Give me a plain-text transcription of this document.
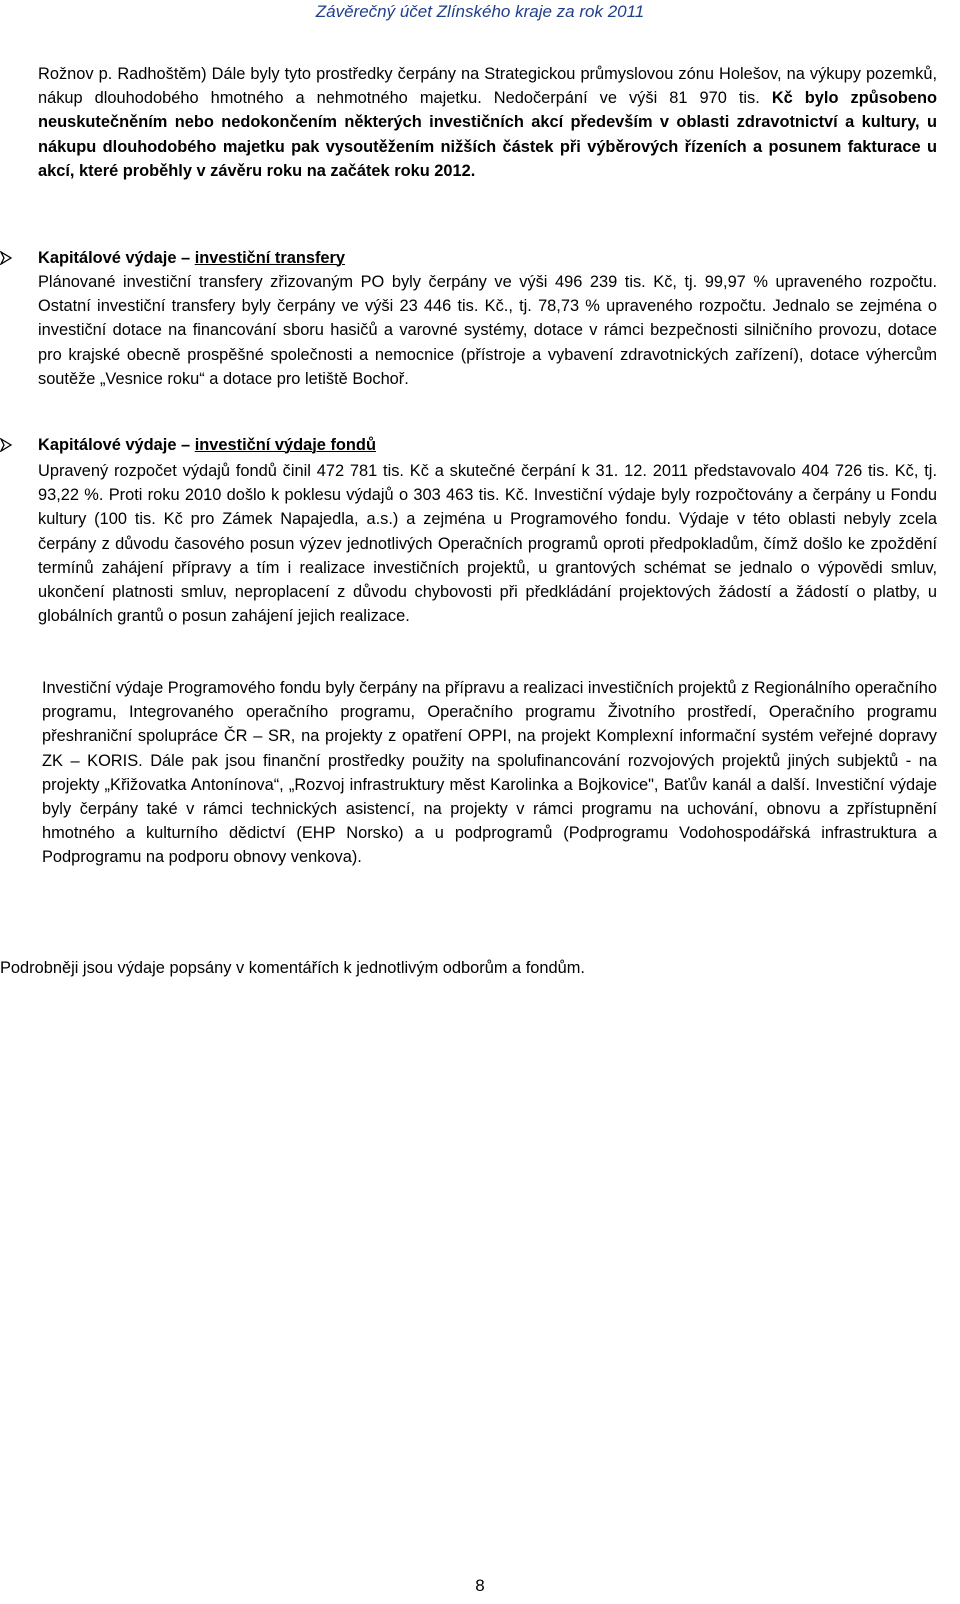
Závěrečný účet Zlínského kraje za rok 2011

Rožnov p. Radhoštěm) Dále byly tyto prostředky čerpány na Strategickou průmyslovou zónu Holešov, na výkupy pozemků, nákup dlouhodobého hmotného a nehmotného majetku. Nedočerpání ve výši 81 970 tis. Kč bylo způsobeno neuskutečněním nebo nedokončením některých investičních akcí především v oblasti zdravotnictví a kultury, u nákupu dlouhodobého majetku pak vysoutěžením nižších částek při výběrových řízeních a posunem fakturace u akcí, které proběhly v závěru roku na začátek roku 2012.

Kapitálové výdaje – investiční transfery

Plánované investiční transfery zřizovaným PO byly čerpány ve výši 496 239 tis. Kč, tj. 99,97 % upraveného rozpočtu. Ostatní investiční transfery byly čerpány ve výši 23 446 tis. Kč., tj. 78,73 % upraveného rozpočtu. Jednalo se zejména o investiční dotace na financování sboru hasičů a varovné systémy, dotace v rámci bezpečnosti silničního provozu, dotace pro krajské obecně prospěšné společnosti a nemocnice (přístroje a vybavení zdravotnických zařízení), dotace výhercům soutěže „Vesnice roku“ a dotace pro letiště Bochoř.

Kapitálové výdaje – investiční výdaje fondů

Upravený rozpočet výdajů fondů činil 472 781 tis. Kč a skutečné čerpání k 31. 12. 2011 představovalo 404 726 tis. Kč, tj. 93,22 %. Proti roku 2010 došlo k poklesu výdajů o 303 463 tis. Kč. Investiční výdaje byly rozpočtovány a čerpány u Fondu kultury (100 tis. Kč pro Zámek Napajedla, a.s.) a zejména u Programového fondu. Výdaje v této oblasti nebyly zcela čerpány z důvodu časového posun výzev jednotlivých Operačních programů oproti předpokladům, čímž došlo ke zpoždění termínů zahájení přípravy a tím i realizace investičních projektů, u grantových schémat se jednalo o výpovědi smluv, ukončení platnosti smluv, neproplacení z důvodu chybovosti při předkládání projektových žádostí a žádostí o platby, u globálních grantů o posun zahájení jejich realizace.

Investiční výdaje Programového fondu byly čerpány na přípravu a realizaci investičních projektů z Regionálního operačního programu, Integrovaného operačního programu, Operačního programu Životního prostředí, Operačního programu přeshraniční spolupráce ČR – SR, na projekty z opatření OPPI, na projekt Komplexní informační systém veřejné dopravy ZK – KORIS. Dále pak jsou finanční prostředky použity na spolufinancování rozvojových projektů jiných subjektů - na projekty „Křižovatka Antonínova“, „Rozvoj infrastruktury měst Karolinka a Bojkovice", Baťův kanál a další. Investiční výdaje byly čerpány také v rámci technických asistencí, na projekty v rámci programu na uchování, obnovu a zpřístupnění hmotného a kulturního dědictví (EHP Norsko) a u podprogramů (Podprogramu Vodohospodářská infrastruktura a Podprogramu na podporu obnovy venkova).

Podrobněji jsou výdaje popsány v komentářích k jednotlivým odborům a fondům.

8
